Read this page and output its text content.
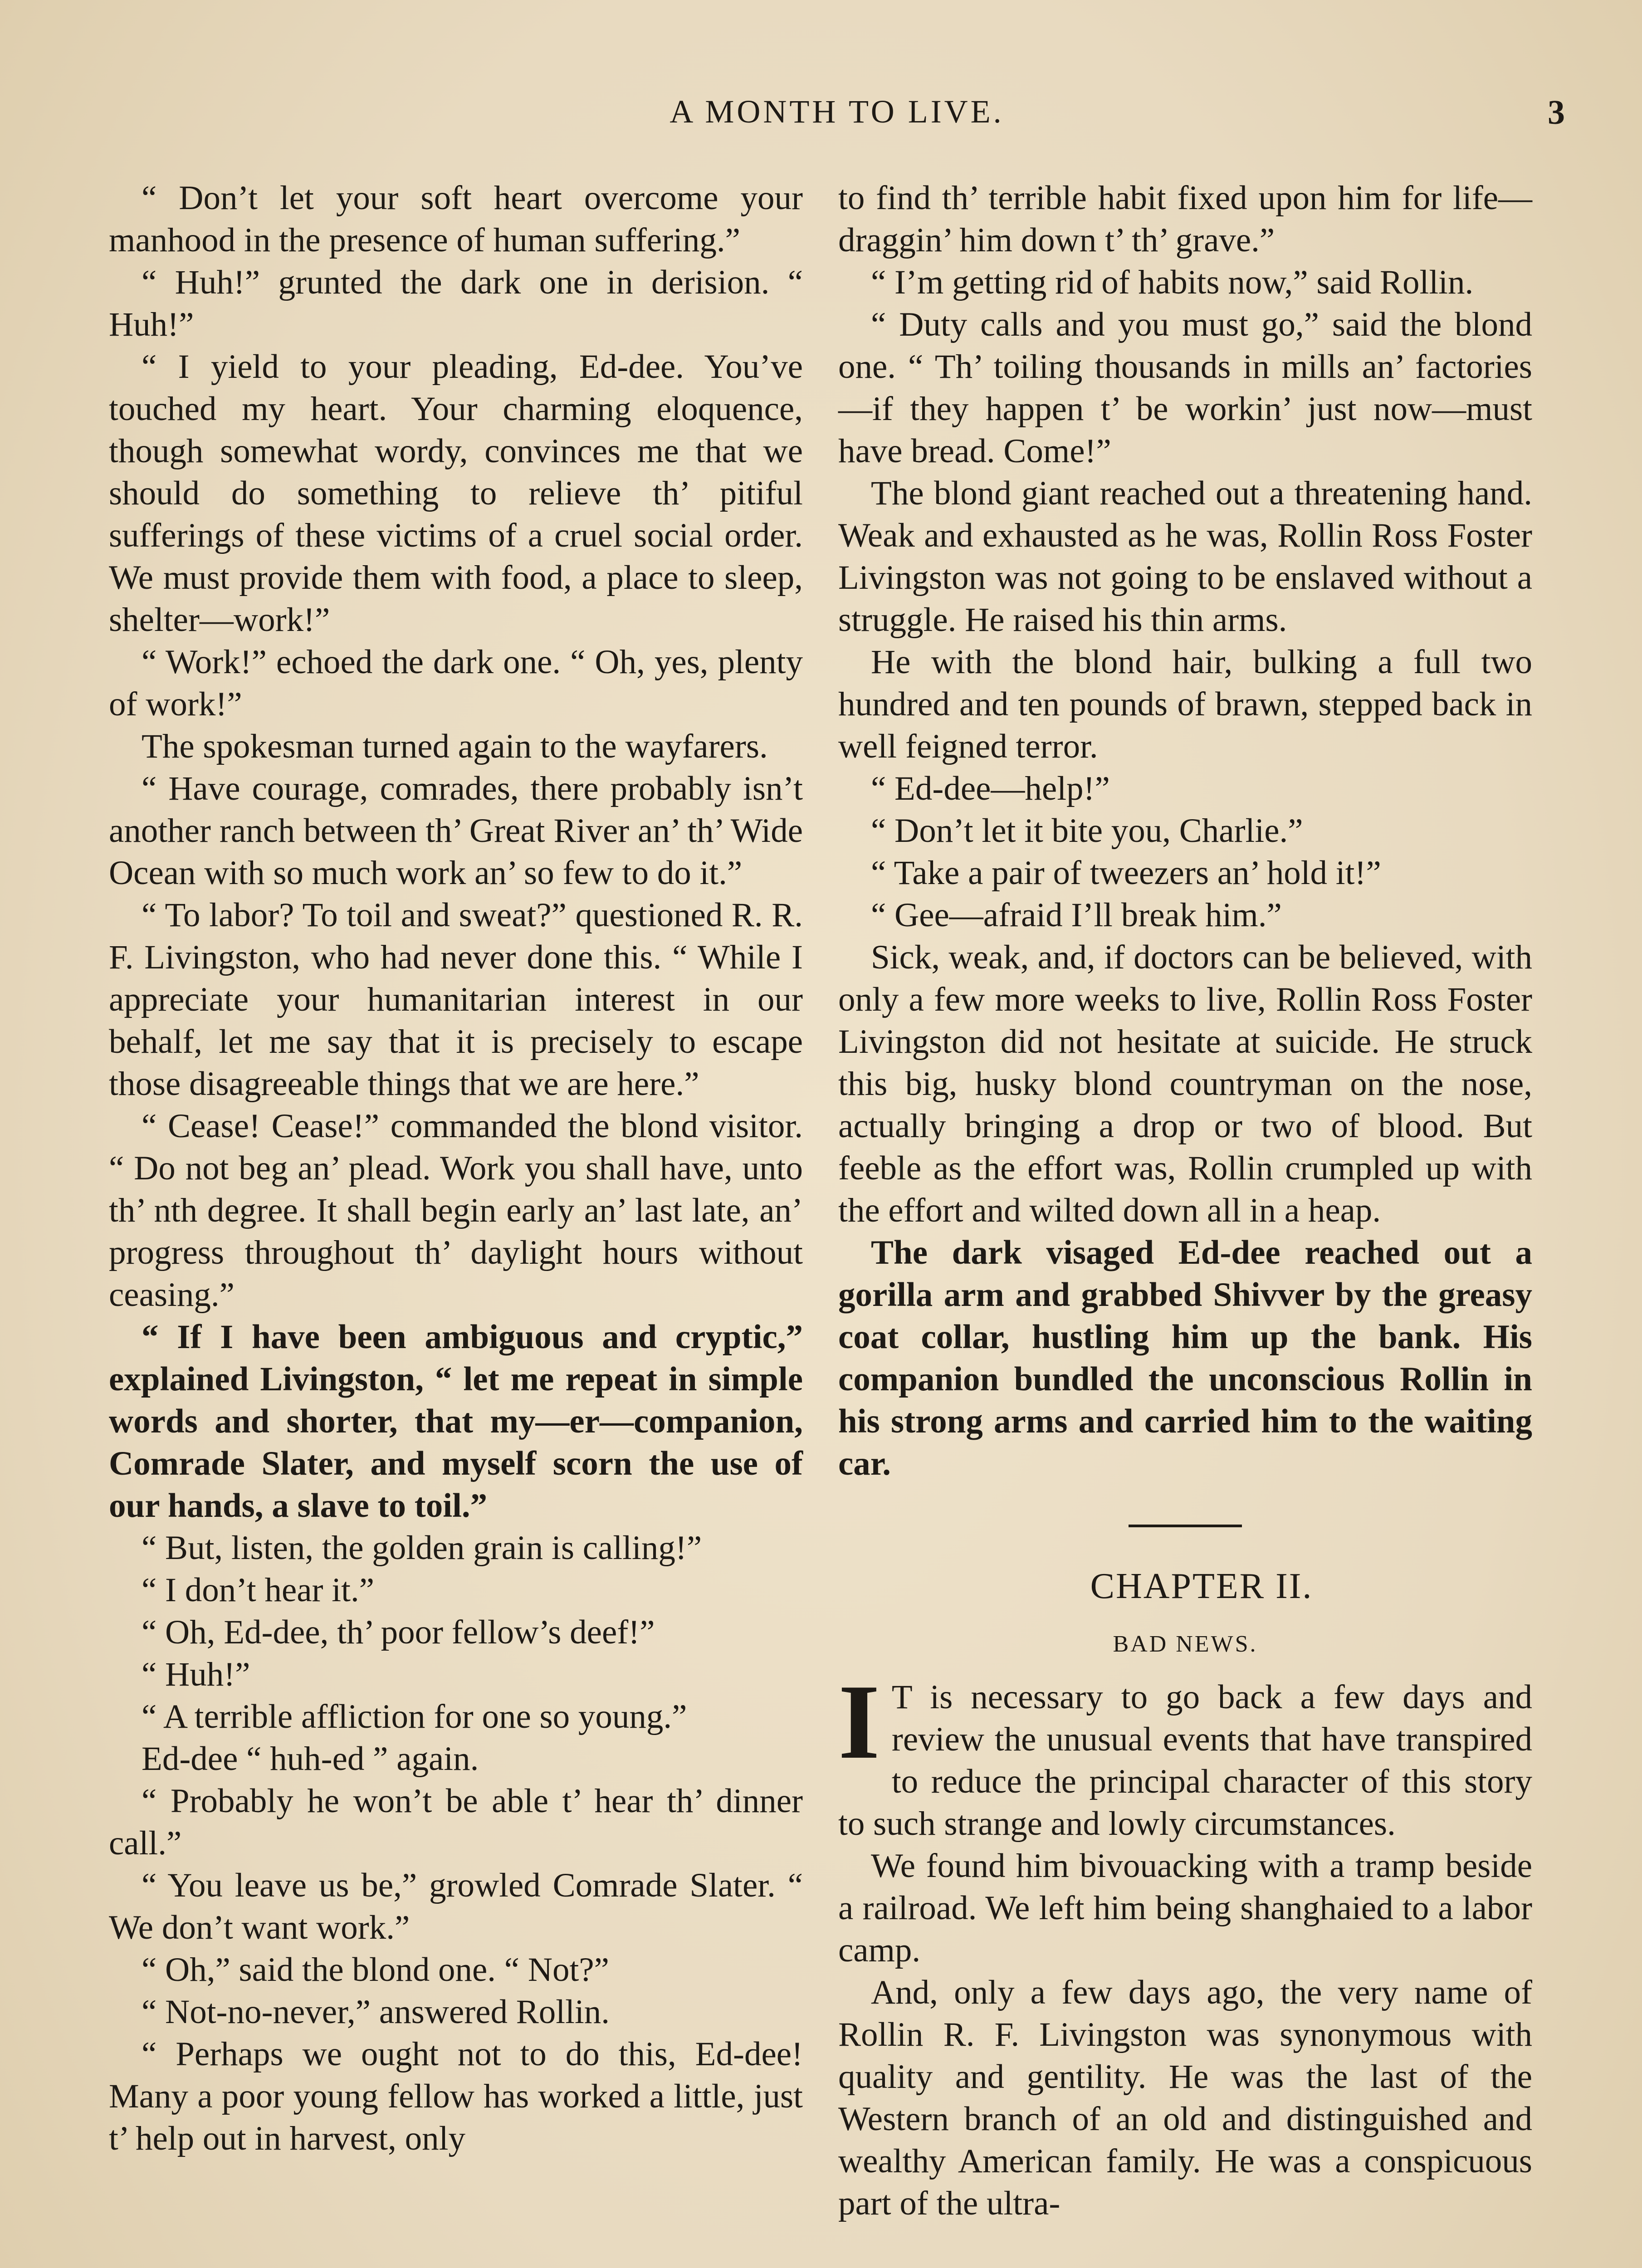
A MONTH TO LIVE.	3

“ Don’t let your soft heart overcome your manhood in the presence of human suffering.”

“ Huh!” grunted the dark one in derision. “ Huh!”

“ I yield to your pleading, Ed-dee. You’ve touched my heart. Your charming eloquence, though somewhat wordy, convinces me that we should do something to relieve th’ pitiful sufferings of these victims of a cruel social order. We must provide them with food, a place to sleep, shelter—work!”

“ Work!” echoed the dark one. “ Oh, yes, plenty of work!”

The spokesman turned again to the wayfarers.

“ Have courage, comrades, there probably isn’t another ranch between th’ Great River an’ th’ Wide Ocean with so much work an’ so few to do it.”

“ To labor? To toil and sweat?” questioned R. R. F. Livingston, who had never done this. “ While I appreciate your humanitarian interest in our behalf, let me say that it is precisely to escape those disagreeable things that we are here.”

“ Cease! Cease!” commanded the blond visitor. “ Do not beg an’ plead. Work you shall have, unto th’ nth degree. It shall begin early an’ last late, an’ progress throughout th’ daylight hours without ceasing.”

“ If I have been ambiguous and cryptic,” explained Livingston, “ let me repeat in simple words and shorter, that my—er—companion, Comrade Slater, and myself scorn the use of our hands, a slave to toil.”

“ But, listen, the golden grain is calling!”

“ I don’t hear it.”

“ Oh, Ed-dee, th’ poor fellow’s deef!”

“ Huh!”

“ A terrible affliction for one so young.”

Ed-dee “ huh-ed ” again.

“ Probably he won’t be able t’ hear th’ dinner call.”

“ You leave us be,” growled Comrade Slater. “ We don’t want work.”

“ Oh,” said the blond one. “ Not?”

“ Not-no-never,” answered Rollin.

“ Perhaps we ought not to do this, Ed-dee! Many a poor young fellow has worked a little, just t’ help out in harvest, only

to find th’ terrible habit fixed upon him for life—draggin’ him down t’ th’ grave.”

“ I’m getting rid of habits now,” said Rollin.

“ Duty calls and you must go,” said the blond one. “ Th’ toiling thousands in mills an’ factories—if they happen t’ be workin’ just now—must have bread. Come!”

The blond giant reached out a threatening hand. Weak and exhausted as he was, Rollin Ross Foster Livingston was not going to be enslaved without a struggle. He raised his thin arms.

He with the blond hair, bulking a full two hundred and ten pounds of brawn, stepped back in well feigned terror.

“ Ed-dee—help!”

“ Don’t let it bite you, Charlie.”

“ Take a pair of tweezers an’ hold it!”

“ Gee—afraid I’ll break him.”

Sick, weak, and, if doctors can be believed, with only a few more weeks to live, Rollin Ross Foster Livingston did not hesitate at suicide. He struck this big, husky blond countryman on the nose, actually bringing a drop or two of blood. But feeble as the effort was, Rollin crumpled up with the effort and wilted down all in a heap.

The dark visaged Ed-dee reached out a gorilla arm and grabbed Shivver by the greasy coat collar, hustling him up the bank. His companion bundled the unconscious Rollin in his strong arms and carried him to the waiting car.

CHAPTER II.

BAD NEWS.

I T is necessary to go back a few days and review the unusual events that have transpired to reduce the principal character of this story to such strange and lowly circumstances.

We found him bivouacking with a tramp beside a railroad. We left him being shanghaied to a labor camp.

And, only a few days ago, the very name of Rollin R. F. Livingston was synonymous with quality and gentility. He was the last of the Western branch of an old and distinguished and wealthy American family. He was a conspicuous part of the ultra-
